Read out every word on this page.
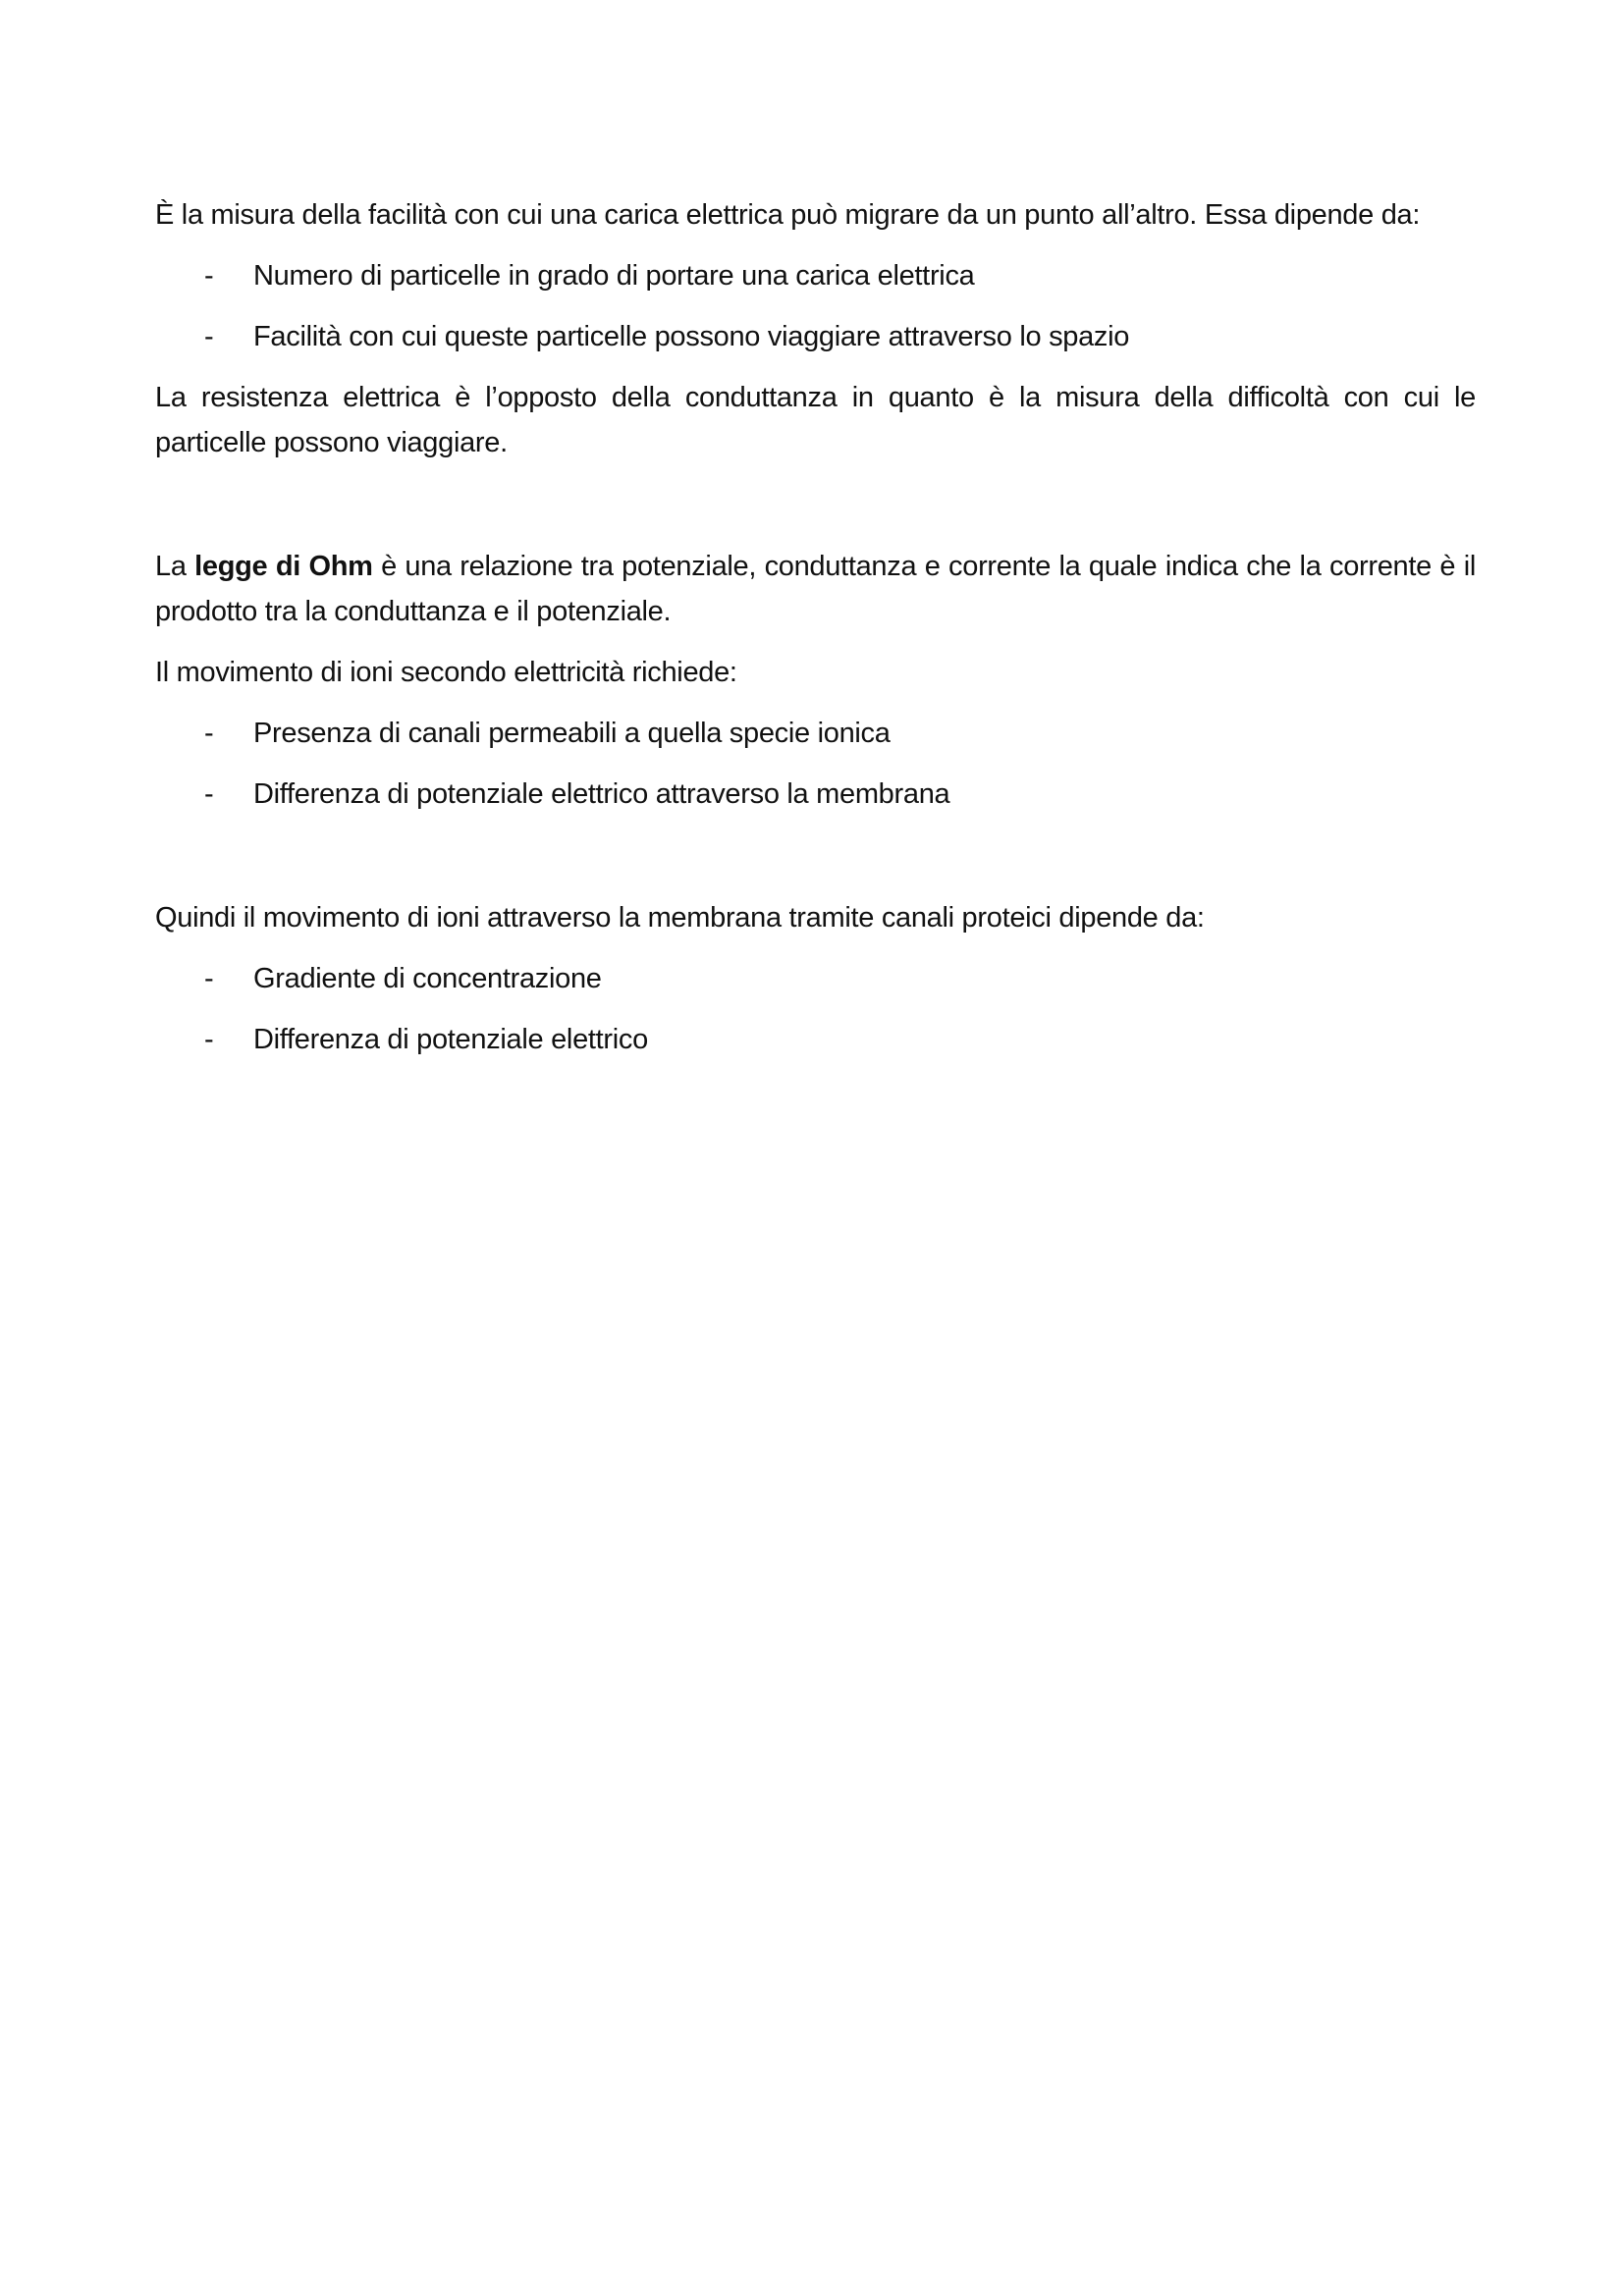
È la misura della facilità con cui una carica elettrica può migrare da un punto all’altro. Essa dipende da:

- Numero di particelle in grado di portare una carica elettrica
- Facilità con cui queste particelle possono viaggiare attraverso lo spazio

La resistenza elettrica è l’opposto della conduttanza in quanto è la misura della difficoltà con cui le particelle possono viaggiare.

La legge di Ohm è una relazione tra potenziale, conduttanza e corrente la quale indica che la corrente è il prodotto tra la conduttanza e il potenziale.

Il movimento di ioni secondo elettricità richiede:

- Presenza di canali permeabili a quella specie ionica
- Differenza di potenziale elettrico attraverso la membrana

Quindi il movimento di ioni attraverso la membrana tramite canali proteici dipende da:

- Gradiente di concentrazione
- Differenza di potenziale elettrico
